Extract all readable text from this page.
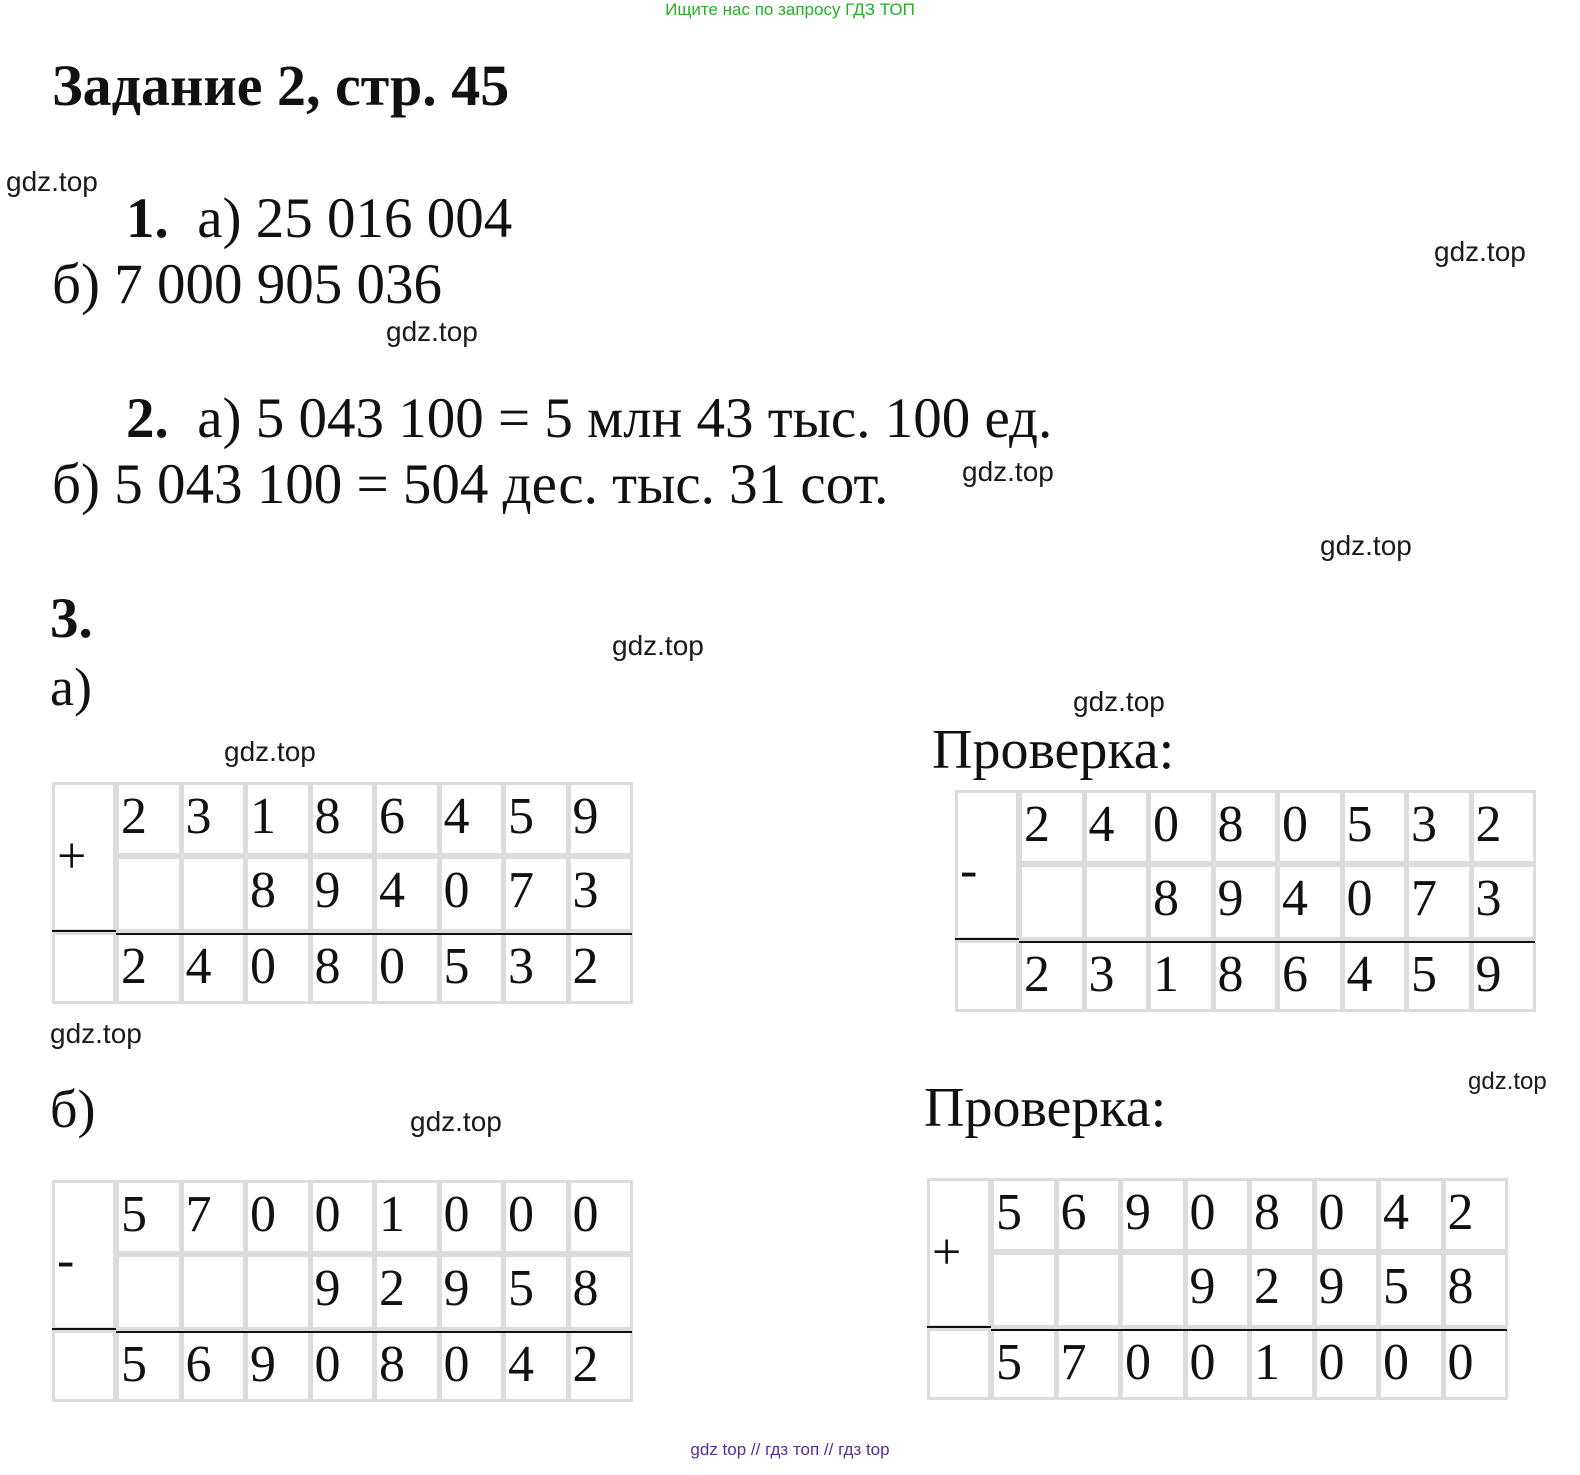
Ищите нас по запросу ГДЗ ТОП
Задание 2, стр. 45
1. а) 25 016 004
б) 7 000 905 036
2. а) 5 043 100 = 5 млн 43 тыс. 100 ед.
б) 5 043 100 = 504 дес. тыс. 31 сот.
3.
а)
Проверка:
б)	Проверка:
+
2 3 1 8 6 4 5 9
8 9 4 0 7 3
2 4 0 8 0 5 3 2
-
2 4 0 8 0 5 3 2
8 9 4 0 7 3
2 3 1 8 6 4 5 9
-
5 7 0 0 1 0 0 0
9 2 9 5 8
5 6 9 0 8 0 4 2
+
5 6 9 0 8 0 4 2
9 2 9 5 8
5 7 0 0 1 0 0 0
gdz.top
gdz.top
gdz.top
gdz.top
gdz.top
gdz.top
gdz.top
gdz.top
gdz.top
gdz.top
gdz.top
gdz top // гдз топ // гдз top
